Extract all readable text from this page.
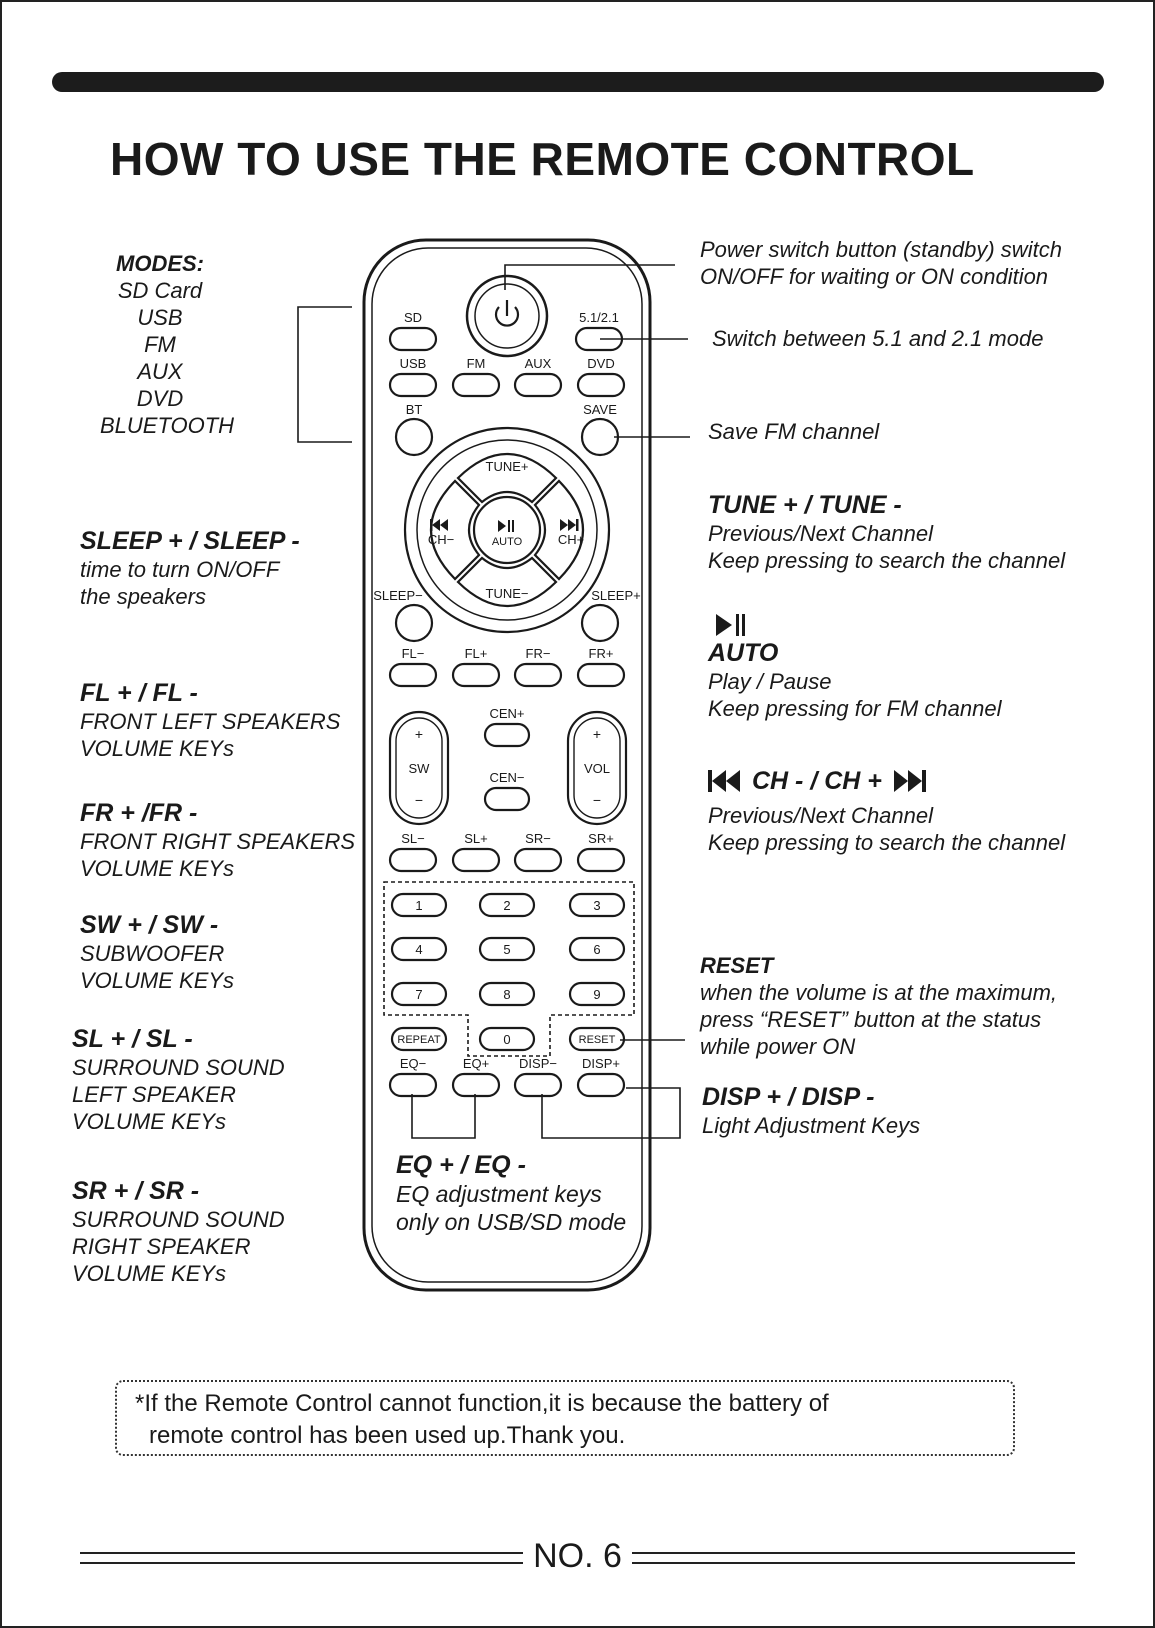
HOW TO USE THE REMOTE CONTROL
MODES:
SD Card
USB
FM
AUX
DVD
BLUETOOTH
SLEEP + / SLEEP -
time to turn ON/OFF
the speakers
FL + / FL -
FRONT LEFT SPEAKERS
VOLUME KEYs
FR + /FR -
FRONT RIGHT SPEAKERS
VOLUME KEYs
SW + / SW -
SUBWOOFER
VOLUME KEYs
SL + / SL -
SURROUND SOUND
LEFT SPEAKER
VOLUME KEYs
SR + / SR -
SURROUND SOUND
RIGHT SPEAKER
VOLUME KEYs
Power switch button (standby) switch
ON/OFF for waiting or ON condition
Switch between 5.1 and 2.1 mode
Save FM channel
TUNE + / TUNE -
Previous/Next Channel
Keep pressing to search the channel
AUTO
Play / Pause
Keep pressing for FM channel
CH - / CH +
Previous/Next Channel
Keep pressing to search the channel
RESET
when the volume is at the maximum,
press “RESET” button at the status
while power ON
DISP + / DISP -
Light Adjustment Keys
EQ + / EQ -
EQ adjustment keys
only on USB/SD mode
SD	5.1/2.1
USB	FM	AUX	DVD
BT	SAVE
TUNE+
TUNE−
CH−	CH+
AUTO
SLEEP−	SLEEP+
FL−	FL+	FR−	FR+
CEN+
CEN−
+
SW
−
+
VOL
−
SL−	SL+	SR−	SR+
1	2	3
4	5	6
7	8	9
0
REPEAT	RESET
EQ−	EQ+ DISP− DISP+
*If the Remote Control cannot function,it is because the battery of
remote control has been used up.Thank you.
NO. 6
